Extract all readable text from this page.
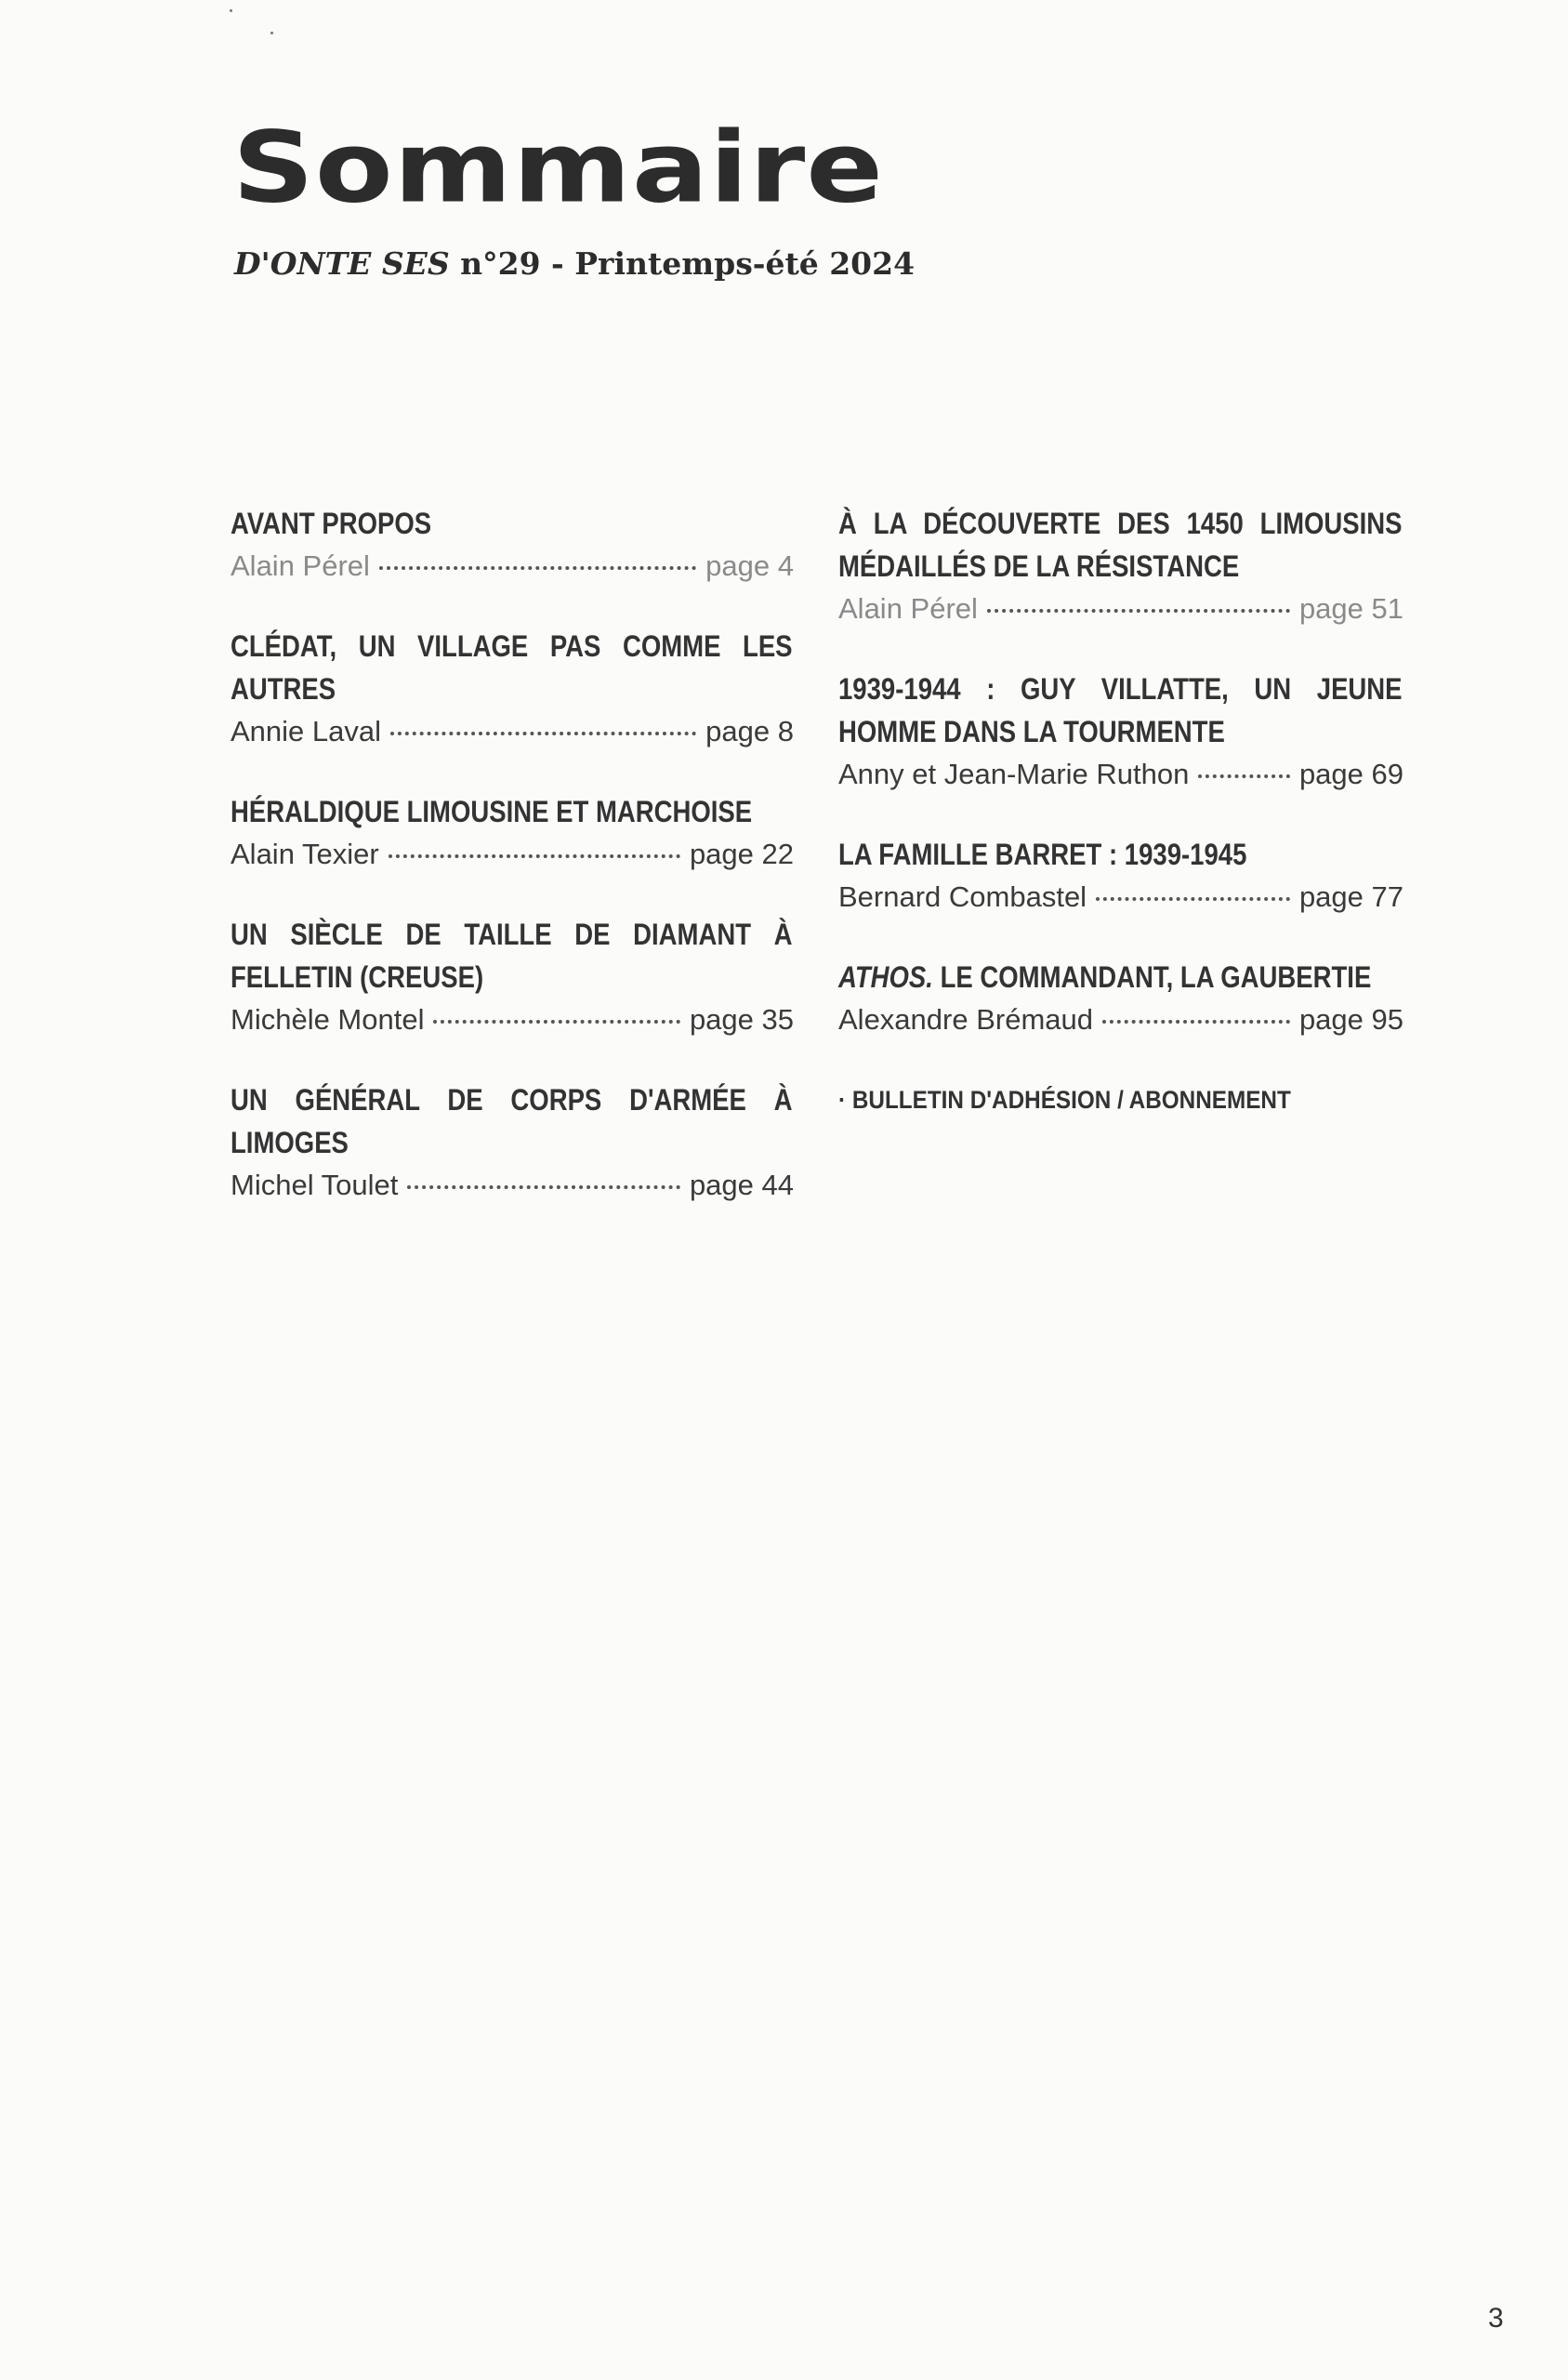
Sommaire
D'ONTE SES n°29 - Printemps-été 2024
AVANT PROPOS
Alain Pérel	page 4
CLÉDAT, UN VILLAGE PAS COMME LES AUTRES
Annie Laval	page 8
HÉRALDIQUE LIMOUSINE ET MARCHOISE
Alain Texier	page 22
UN SIÈCLE DE TAILLE DE DIAMANT À FELLETIN (CREUSE)
Michèle Montel	page 35
UN GÉNÉRAL DE CORPS D'ARMÉE À LIMOGES
Michel Toulet	page 44
À LA DÉCOUVERTE DES 1450 LIMOUSINS MÉDAILLÉS DE LA RÉSISTANCE
Alain Pérel	page 51
1939-1944 : GUY VILLATTE, UN JEUNE HOMME DANS LA TOURMENTE
Anny et Jean-Marie Ruthon	page 69
LA FAMILLE BARRET : 1939-1945
Bernard Combastel	page 77
ATHOS. LE COMMANDANT, LA GAUBERTIE
Alexandre Brémaud	page 95
· BULLETIN D'ADHÉSION / ABONNEMENT
3
